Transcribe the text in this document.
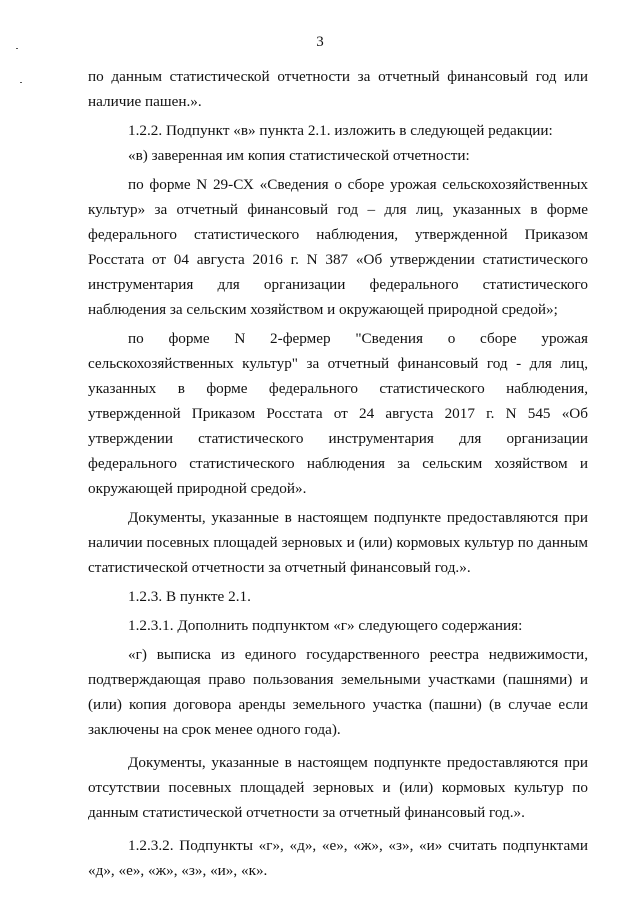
3

по данным статистической отчетности за отчетный финансовый год или наличие пашен.».

1.2.2. Подпункт «в» пункта 2.1. изложить в следующей редакции:

«в) заверенная им копия статистической отчетности:

по форме N 29-СХ «Сведения о сборе урожая сельскохозяйственных культур» за отчетный финансовый год – для лиц, указанных в форме федерального статистического наблюдения, утвержденной Приказом Росстата от 04 августа 2016 г. N 387 «Об утверждении статистического инструментария для организации федерального статистического наблюдения за сельским хозяйством и окружающей природной средой»;

по форме N 2-фермер "Сведения о сборе урожая сельскохозяйственных культур" за отчетный финансовый год - для лиц, указанных в форме федерального статистического наблюдения, утвержденной Приказом Росстата от 24 августа 2017 г. N 545 «Об утверждении статистического инструментария для организации федерального статистического наблюдения за сельским хозяйством и окружающей природной средой».

Документы, указанные в настоящем подпункте предоставляются при наличии посевных площадей зерновых и (или) кормовых культур по данным статистической отчетности за отчетный финансовый год.».

1.2.3. В пункте 2.1.

1.2.3.1. Дополнить подпунктом «г» следующего содержания:

«г) выписка из единого государственного реестра недвижимости, подтверждающая право пользования земельными участками (пашнями) и (или) копия договора аренды земельного участка (пашни) (в случае если заключены на срок менее одного года).

Документы, указанные в настоящем подпункте предоставляются при отсутствии посевных площадей зерновых и (или) кормовых культур по данным статистической отчетности за отчетный финансовый год.».

1.2.3.2. Подпункты «г», «д», «е», «ж», «з», «и» считать подпунктами «д», «е», «ж», «з», «и», «к».
